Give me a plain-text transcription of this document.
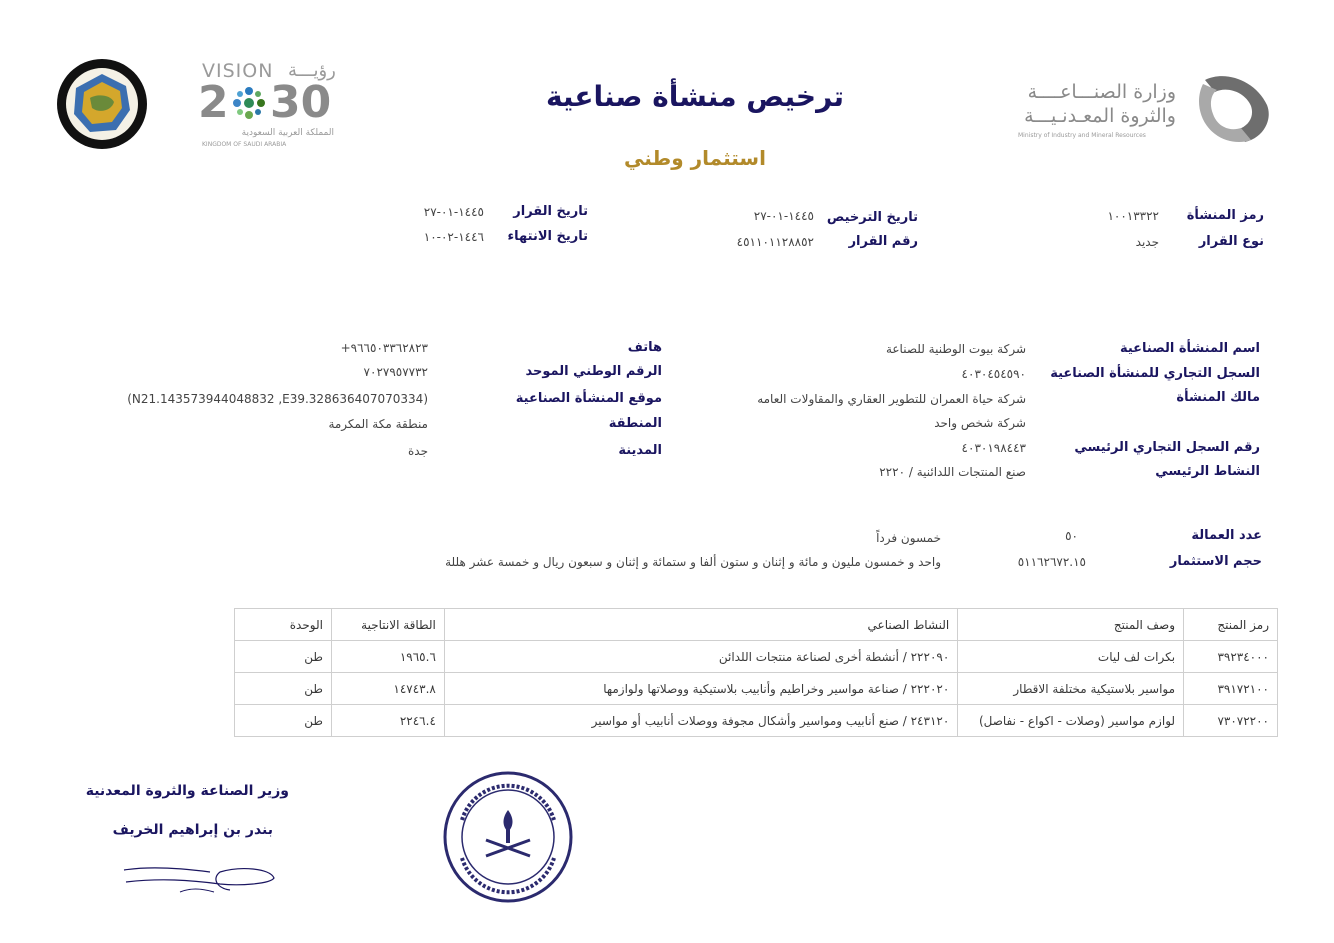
وزارة الصنـــاعــــة
والثروة المعـدنـيـــة
Ministry of Industry and Mineral Resources
ترخيص منشأة صناعية
استثمار وطني
VISION رؤيـــة
2 30
المملكة العربية السعودية
KINGDOM OF SAUDI ARABIA
رمز المنشأة
١٠٠١٣٣٢٢
نوع القرار
جديد
تاريخ الترخيص
١٤٤٥-٠١-٢٧
رقم القرار
٤٥١١٠١١٢٨٨٥٢
تاريخ القرار
١٤٤٥-٠١-٢٧
تاريخ الانتهاء
١٤٤٦-٠٢-١٠
اسم المنشأة الصناعية
شركة بيوت الوطنية للصناعة
السجل التجاري للمنشأة الصناعية
٤٠٣٠٤٥٤٥٩٠
مالك المنشأة
شركة حياة العمران للتطوير العقاري والمقاولات العامه
شركة شخص واحد
رقم السجل التجاري الرئيسي
٤٠٣٠١٩٨٤٤٣
النشاط الرئيسي
صنع المنتجات اللدائنية / ٢٢٢٠
هاتف
+٩٦٦٥٠٣٣٦٢٨٢٣
الرقم الوطني الموحد
٧٠٢٧٩٥٧٧٣٢
موقع المنشأة الصناعية
(N21.143573944048832 ,E39.328636407070334)
المنطقة
منطقة مكة المكرمة
المدينة
جدة
عدد العمالة
٥٠
خمسون فرداً
حجم الاستثمار
٥١١٦٢٦٧٢.١٥
واحد و خمسون مليون و مائة و إثنان و ستون ألفا و ستمائة و إثنان و سبعون ريال و خمسة عشر هللة
رمز المنتج	وصف المنتج	النشاط الصناعي	الطاقة الانتاجية	الوحدة
٣٩٢٣٤٠٠٠	بكرات لف ليات	٢٢٢٠٩٠ / أنشطة أخرى لصناعة منتجات اللدائن	١٩٦٥.٦	طن
٣٩١٧٢١٠٠	مواسير بلاستيكية مختلفة الاقطار	٢٢٢٠٢٠ / صناعة مواسير وخراطيم وأنابيب بلاستيكية ووصلاتها ولوازمها	١٤٧٤٣.٨	طن
٧٣٠٧٢٢٠٠	لوازم مواسير (وصلات - اكواع - نفاصل)	٢٤٣١٢٠ / صنع أنابيب ومواسير وأشكال مجوفة ووصلات أنابيب أو مواسير	٢٢٤٦.٤	طن
وزير الصناعة والثروة المعدنية
بندر بن إبراهيم الخريف
